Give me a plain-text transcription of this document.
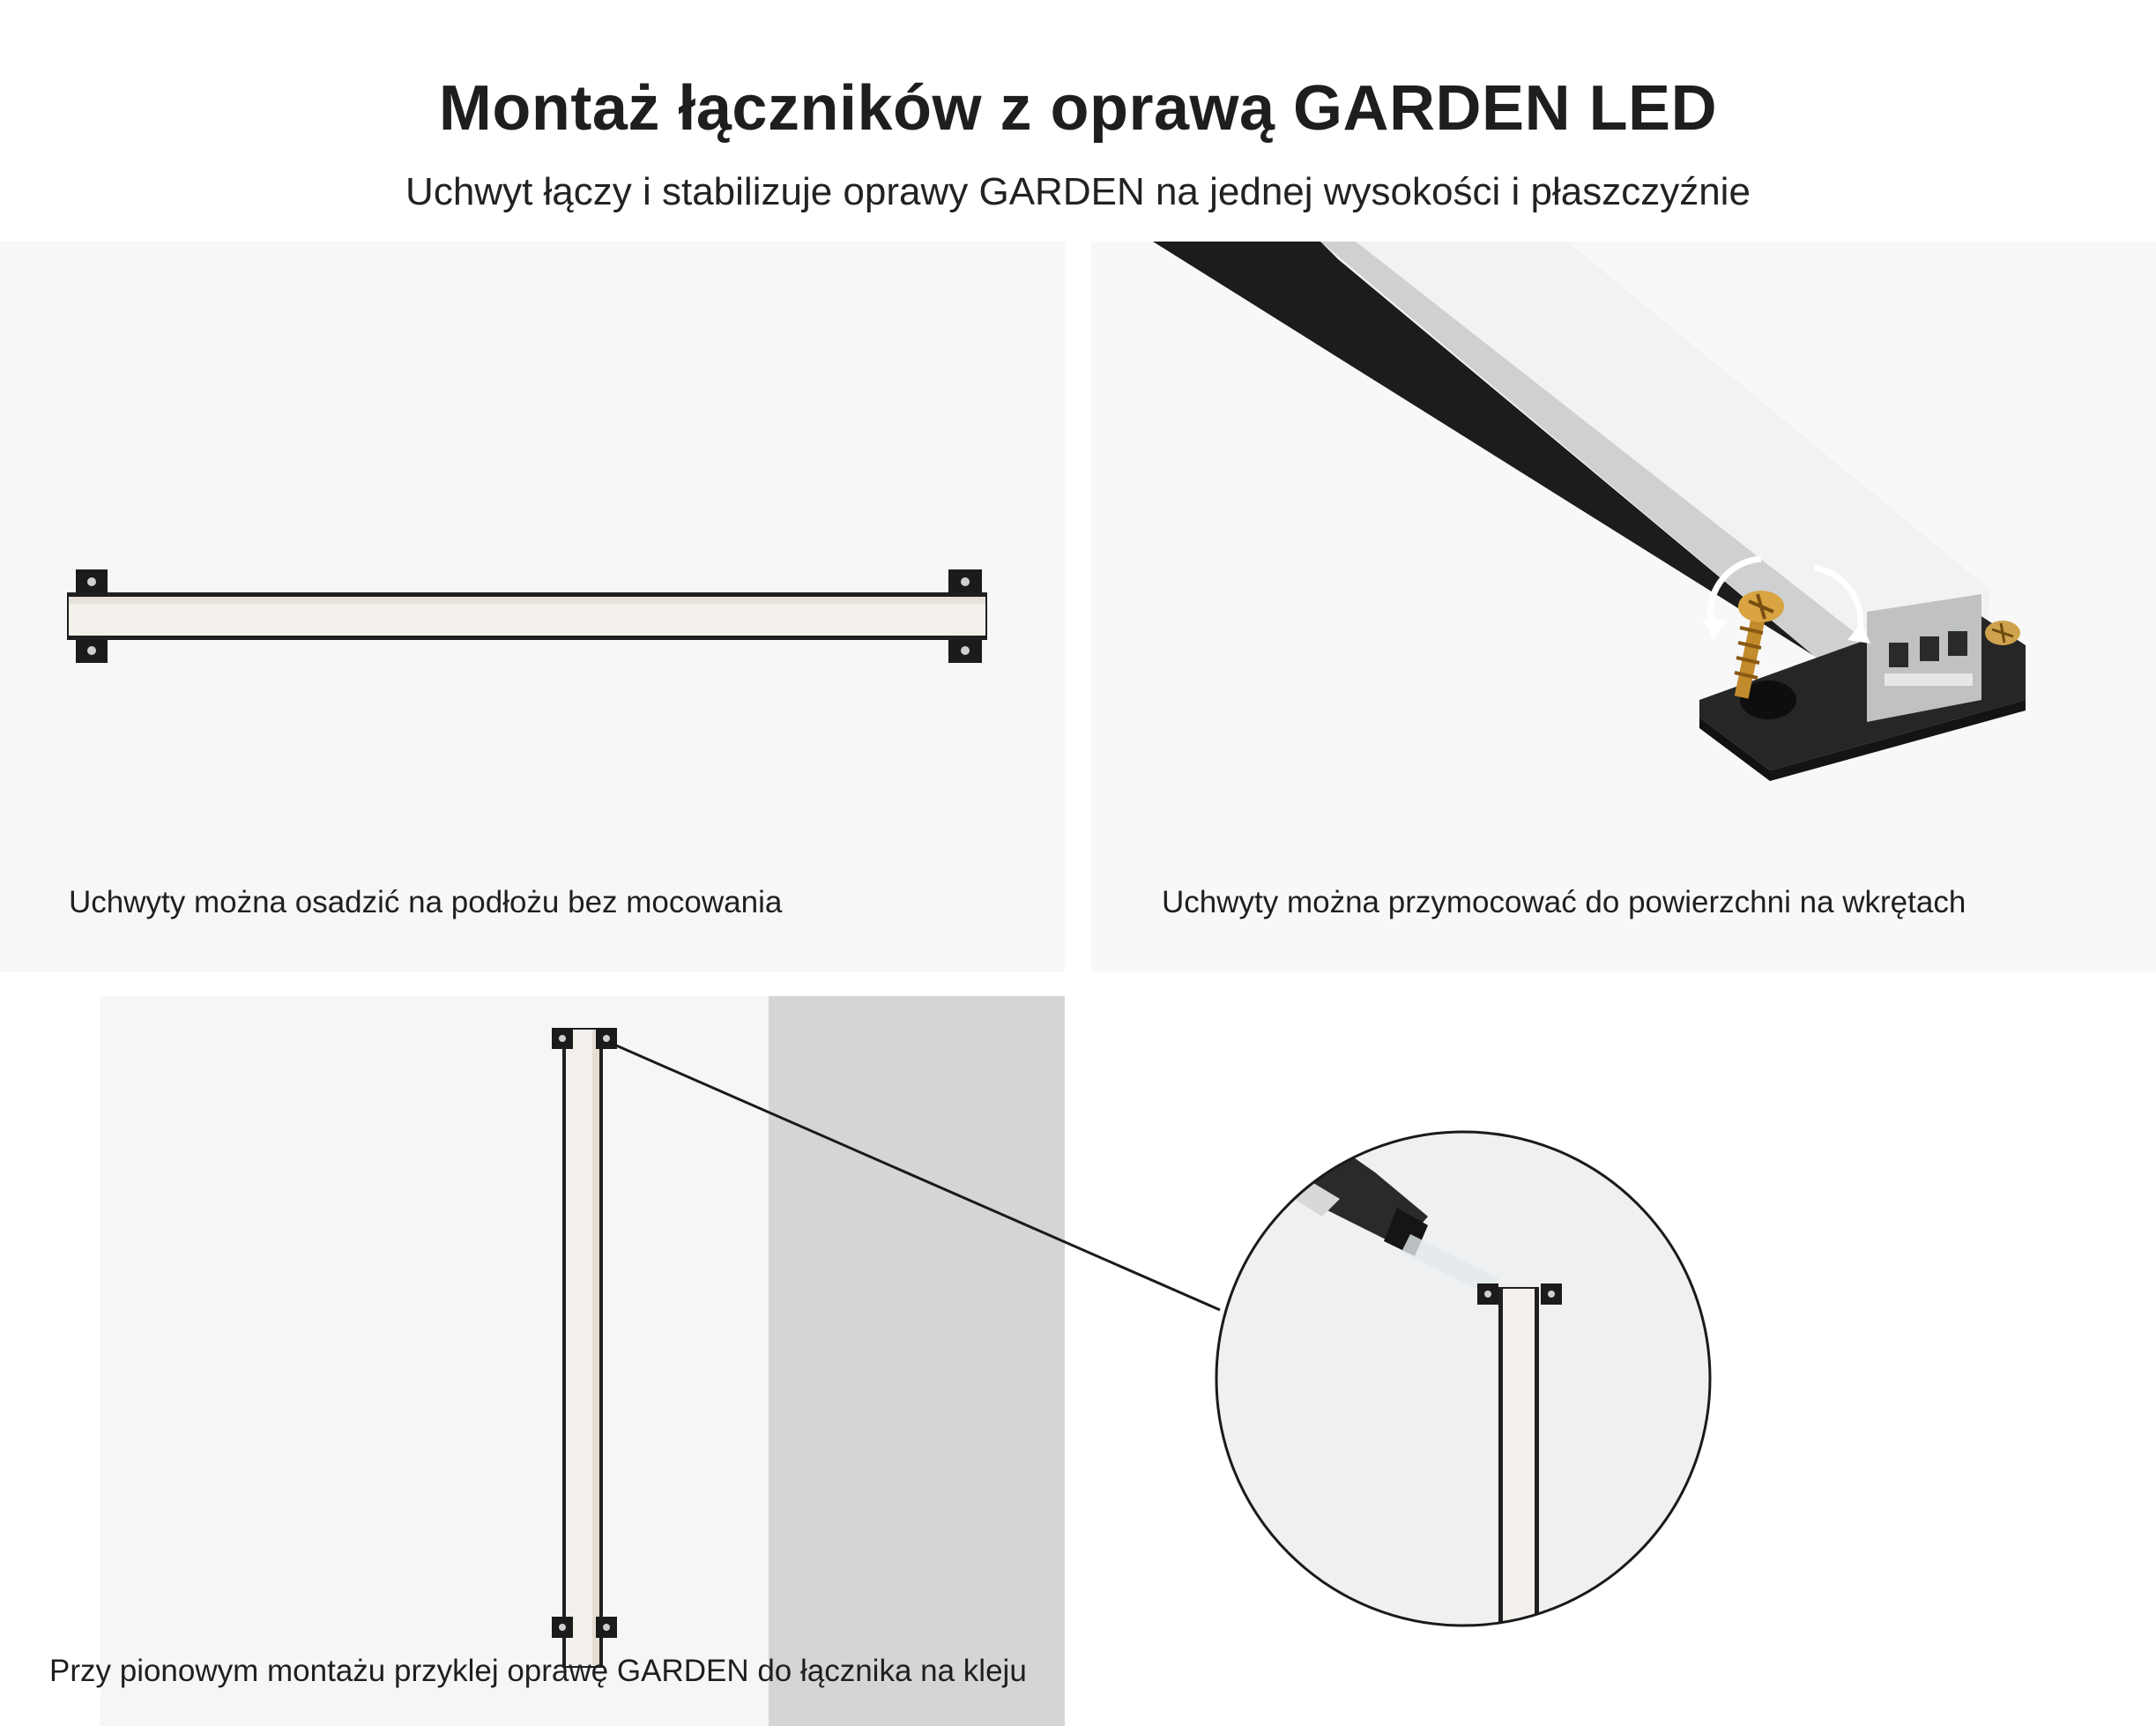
Montaż łączników z oprawą GARDEN LED
Uchwyt łączy i stabilizuje oprawy GARDEN na jednej wysokości i płaszczyźnie
Uchwyty można osadzić na podłożu bez mocowania	Uchwyty można przymocować do powierzchni na wkrętach
Przy pionowym montażu przyklej oprawę GARDEN do łącznika na kleju
